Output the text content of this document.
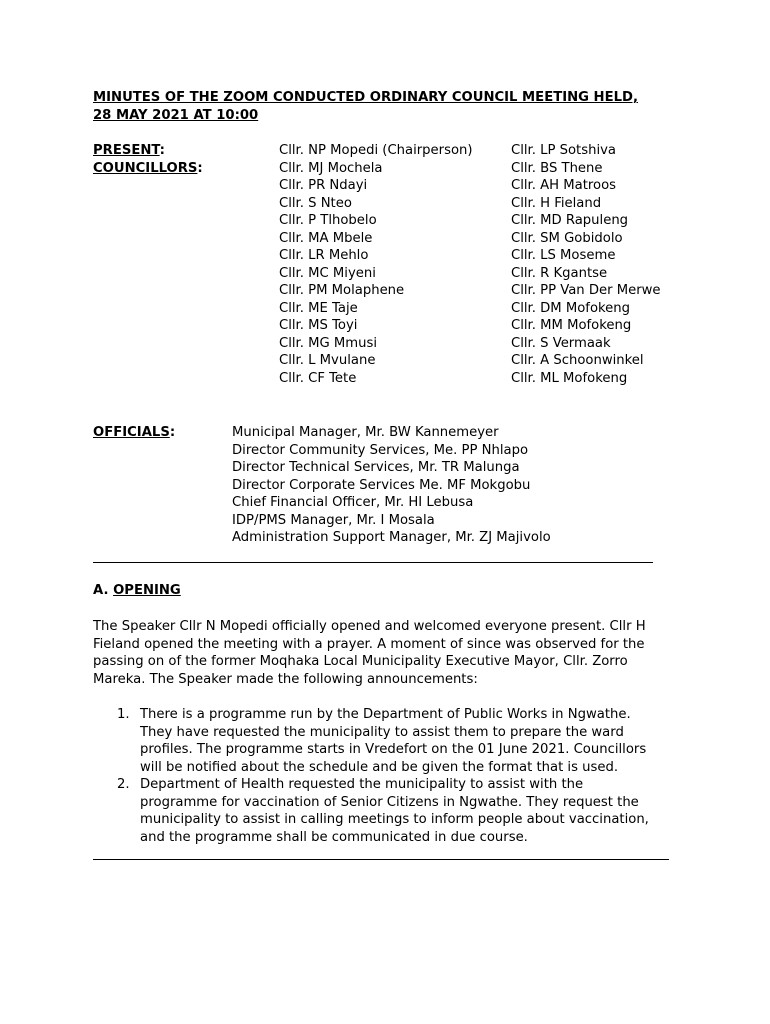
MINUTES OF THE ZOOM CONDUCTED ORDINARY COUNCIL MEETING HELD,
28 MAY 2021 AT 10:00
PRESENT:
COUNCILLORS:
Cllr. NP Mopedi (Chairperson)
Cllr. MJ Mochela
Cllr. PR Ndayi
Cllr. S Nteo
Cllr. P Tlhobelo
Cllr. MA Mbele
Cllr. LR Mehlo
Cllr. MC Miyeni
Cllr. PM Molaphene
Cllr. ME Taje
Cllr. MS Toyi
Cllr. MG Mmusi
Cllr. L Mvulane
Cllr. CF Tete
Cllr. LP Sotshiva
Cllr. BS Thene
Cllr. AH Matroos
Cllr. H Fieland
Cllr. MD Rapuleng
Cllr. SM Gobidolo
Cllr. LS Moseme
Cllr. R Kgantse
Cllr. PP Van Der Merwe
Cllr. DM Mofokeng
Cllr. MM Mofokeng
Cllr. S Vermaak
Cllr. A Schoonwinkel
Cllr. ML Mofokeng
OFFICIALS:	Municipal Manager, Mr. BW Kannemeyer
Director Community Services, Me. PP Nhlapo
Director Technical Services, Mr. TR Malunga
Director Corporate Services Me. MF Mokgobu
Chief Financial Officer, Mr. HI Lebusa
IDP/PMS Manager, Mr. I Mosala
Administration Support Manager, Mr. ZJ Majivolo
A. OPENING
The Speaker Cllr N Mopedi officially opened and welcomed everyone present. Cllr H Fieland opened the meeting with a prayer. A moment of since was observed for the passing on of the former Moqhaka Local Municipality Executive Mayor, Cllr. Zorro Mareka. The Speaker made the following announcements:
1. There is a programme run by the Department of Public Works in Ngwathe. They have requested the municipality to assist them to prepare the ward profiles. The programme starts in Vredefort on the 01 June 2021. Councillors will be notified about the schedule and be given the format that is used.
2. Department of Health requested the municipality to assist with the programme for vaccination of Senior Citizens in Ngwathe. They request the municipality to assist in calling meetings to inform people about vaccination, and the programme shall be communicated in due course.
